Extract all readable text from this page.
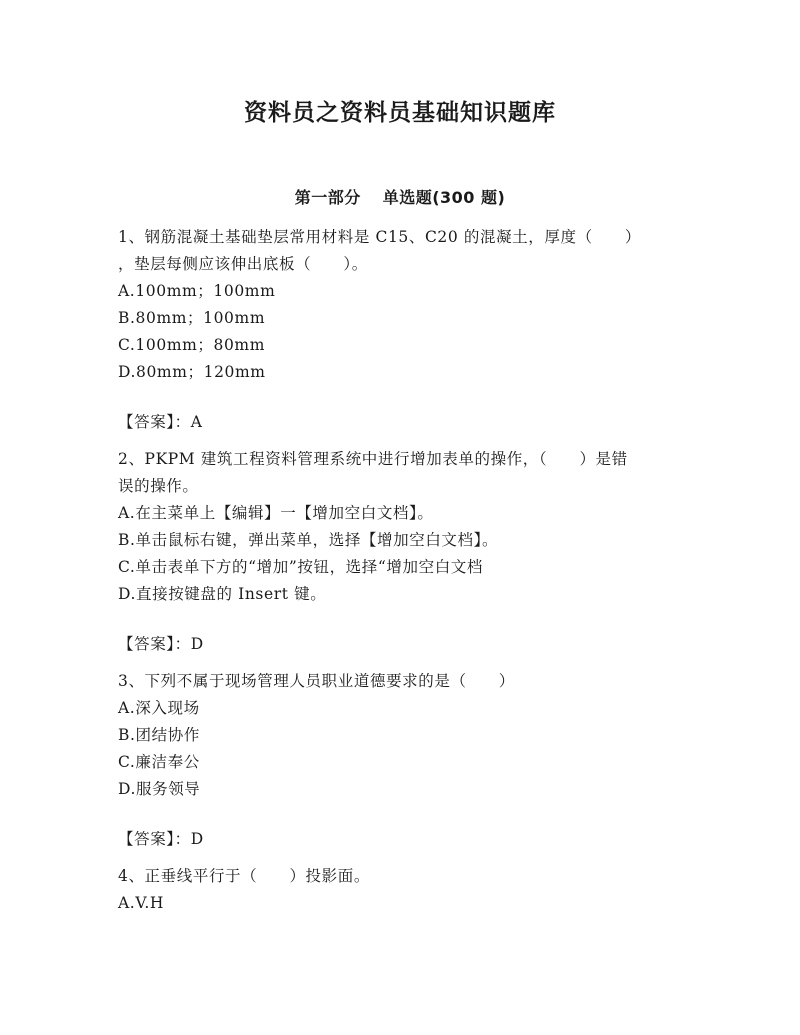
资料员之资料员基础知识题库
第一部分 单选题(300 题)
1、钢筋混凝土基础垫层常用材料是 C15、C20 的混凝土，厚度（　　）
，垫层每侧应该伸出底板（　　）。
A.100mm；100mm
B.80mm；100mm
C.100mm；80mm
D.80mm；120mm
【答案】：A
2、PKPM 建筑工程资料管理系统中进行增加表单的操作，（　　）是错
误的操作。
A.在主菜单上【编辑】一【增加空白文档】。
B.单击鼠标右键，弹出菜单，选择【增加空白文档】。
C.单击表单下方的“增加”按钮，选择“增加空白文档
D.直接按键盘的 Insert 键。
【答案】：D
3、下列不属于现场管理人员职业道德要求的是（　　）
A.深入现场
B.团结协作
C.廉洁奉公
D.服务领导
【答案】：D
4、正垂线平行于（　　）投影面。
A.V.H
